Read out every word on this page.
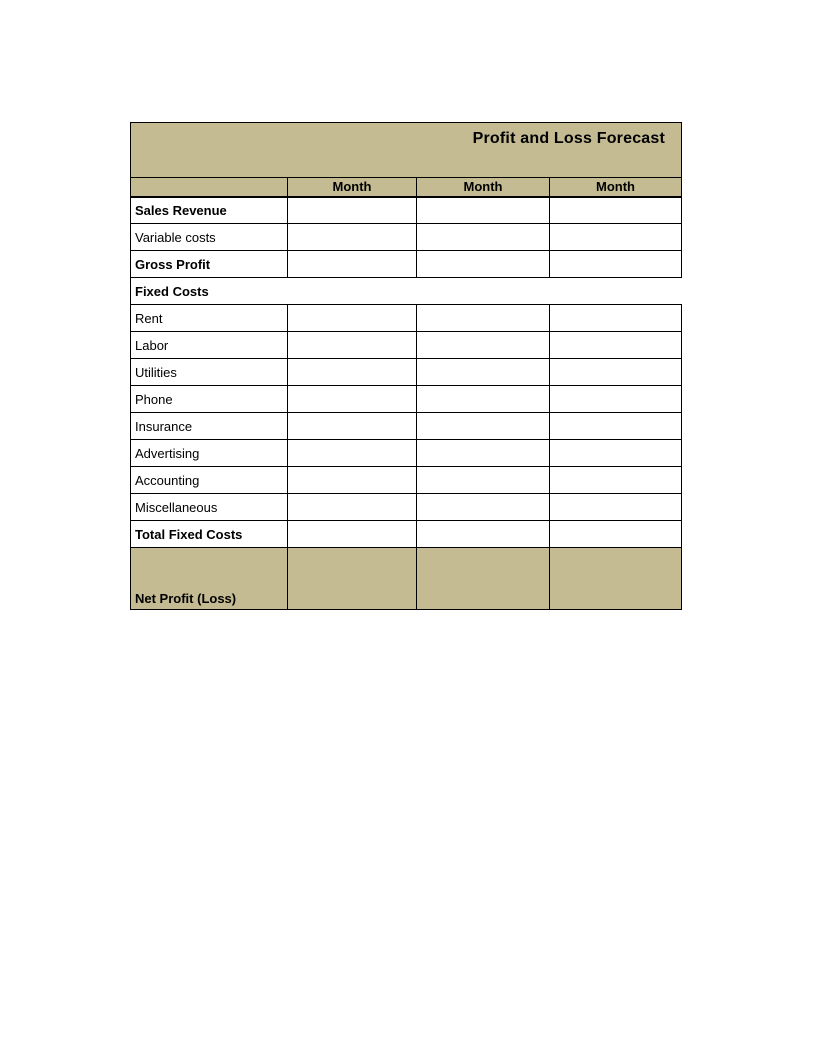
Profit and Loss Forecast			
	Month	Month	Month
Sales Revenue			
Variable costs			
Gross Profit			
Fixed Costs			
Rent			
Labor			
Utilities			
Phone			
Insurance			
Advertising			
Accounting			
Miscellaneous			
Total Fixed Costs			
Net Profit (Loss)			
